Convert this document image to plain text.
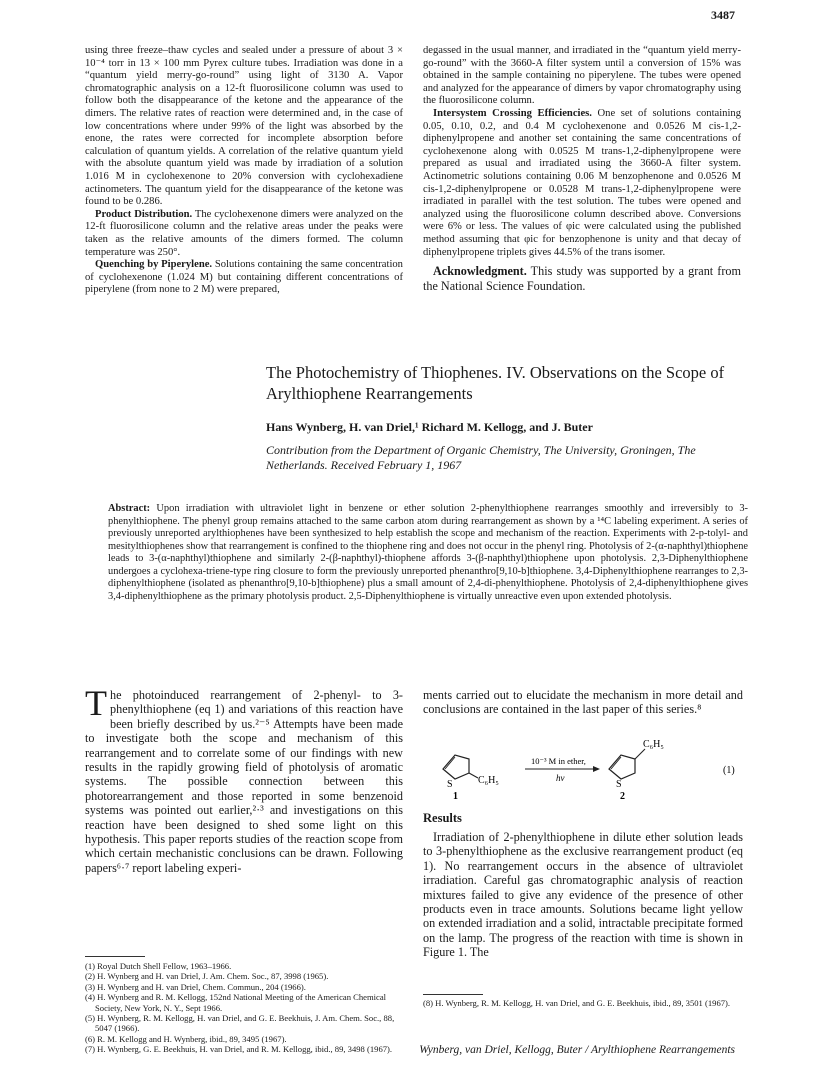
3487

using three freeze–thaw cycles and sealed under a pressure of about 3 × 10⁻⁴ torr in 13 × 100 mm Pyrex culture tubes. Irradiation was done in a “quantum yield merry-go-round” using light of 3130 A. Vapor chromatographic analysis on a 12-ft fluorosilicone column was used to follow both the disappearance of the ketone and the appearance of the dimers. The relative rates of reaction were determined and, in the case of low concentrations where under 99% of the light was absorbed by the enone, the rates were corrected for incomplete absorption before calculation of quantum yields. A correlation of the relative quantum yield with the absolute quantum yield was made by irradiation of a solution 1.016 M in cyclohexenone to 20% conversion with cyclohexadiene actinometers. The quantum yield for the disappearance of the ketone was found to be 0.286.

Product Distribution. The cyclohexenone dimers were analyzed on the 12-ft fluorosilicone column and the relative areas under the peaks were taken as the relative amounts of the dimers formed. The column temperature was 250°.

Quenching by Piperylene. Solutions containing the same concentration of cyclohexenone (1.024 M) but containing different concentrations of piperylene (from none to 2 M) were prepared,

degassed in the usual manner, and irradiated in the “quantum yield merry-go-round” with the 3660-A filter system until a conversion of 15% was obtained in the sample containing no piperylene. The tubes were opened and analyzed for the appearance of dimers by vapor chromatography using the fluorosilicone column.

Intersystem Crossing Efficiencies. One set of solutions containing 0.05, 0.10, 0.2, and 0.4 M cyclohexenone and 0.0526 M cis-1,2-diphenylpropene and another set containing the same concentrations of cyclohexenone along with 0.0525 M trans-1,2-diphenylpropene were prepared as usual and irradiated using the 3660-A filter system. Actinometric solutions containing 0.06 M benzophenone and 0.0526 M cis-1,2-diphenylpropene or 0.0528 M trans-1,2-diphenylpropene were irradiated in parallel with the test solution. The tubes were opened and analyzed using the fluorosilicone column described above. Conversions were 6% or less. The values of φic were calculated using the published method assuming that φic for benzophenone is unity and that decay of diphenylpropene triplets gives 44.5% of the trans isomer.

Acknowledgment. This study was supported by a grant from the National Science Foundation.

The Photochemistry of Thiophenes. IV. Observations on the Scope of Arylthiophene Rearrangements
Hans Wynberg, H. van Driel,¹ Richard M. Kellogg, and J. Buter
Contribution from the Department of Organic Chemistry, The University, Groningen, The Netherlands. Received February 1, 1967
Abstract: Upon irradiation with ultraviolet light in benzene or ether solution 2-phenylthiophene rearranges smoothly and irreversibly to 3-phenylthiophene. The phenyl group remains attached to the same carbon atom during rearrangement as shown by a ¹⁴C labeling experiment. A series of previously unreported arylthiophenes have been synthesized to help establish the scope and mechanism of the reaction. Experiments with 2-p-tolyl- and mesitylthiophenes show that rearrangement is confined to the thiophene ring and does not occur in the phenyl ring. Photolysis of 2-(α-naphthyl)thiophene leads to 3-(α-naphthyl)thiophene and similarly 2-(β-naphthyl)-thiophene affords 3-(β-naphthyl)thiophene upon photolysis. 2,3-Diphenylthiophene undergoes a cyclohexa-triene-type ring closure to form the previously unreported phenanthro[9,10-b]thiophene. 3,4-Diphenylthiophene rearranges to 2,3-diphenylthiophene (isolated as phenanthro[9,10-b]thiophene) plus a small amount of 2,4-di-phenylthiophene. Photolysis of 2,4-diphenylthiophene gives 3,4-diphenylthiophene as the primary photolysis product. 2,5-Diphenylthiophene is virtually unreactive even upon extended photolysis.

The photoinduced rearrangement of 2-phenyl- to 3-phenylthiophene (eq 1) and variations of this reaction have been briefly described by us.²⁻⁵ Attempts have been made to investigate both the scope and mechanism of this rearrangement and to correlate some of our findings with new results in the rapidly growing field of photolysis of aromatic systems. The possible connection between this photorearrangement and those reported in some benzenoid systems was pointed out earlier,²·³ and investigations on this reaction have been designed to shed some light on this hypothesis. This paper reports studies of the reaction scope from which certain mechanistic conclusions can be drawn. Following papers⁶·⁷ report labeling experi-

(1) Royal Dutch Shell Fellow, 1963–1966.

(2) H. Wynberg and H. van Driel, J. Am. Chem. Soc., 87, 3998 (1965).

(3) H. Wynberg and H. van Driel, Chem. Commun., 204 (1966).

(4) H. Wynberg and R. M. Kellogg, 152nd National Meeting of the American Chemical Society, New York, N. Y., Sept 1966.

(5) H. Wynberg, R. M. Kellogg, H. van Driel, and G. E. Beekhuis, J. Am. Chem. Soc., 88, 5047 (1966).

(6) R. M. Kellogg and H. Wynberg, ibid., 89, 3495 (1967).

(7) H. Wynberg, G. E. Beekhuis, H. van Driel, and R. M. Kellogg, ibid., 89, 3498 (1967).

ments carried out to elucidate the mechanism in more detail and conclusions are contained in the last paper of this series.⁸
S	C₆H₅
1
10⁻³ M in ether,
hν
C₆H₅
S
2
(1)
Results

Irradiation of 2-phenylthiophene in dilute ether solution leads to 3-phenylthiophene as the exclusive rearrangement product (eq 1). No rearrangement occurs in the absence of ultraviolet irradiation. Careful gas chromatographic analysis of reaction mixtures failed to give any evidence of the presence of other products even in trace amounts. Solutions became light yellow on extended irradiation and a solid, intractable precipitate formed on the lamp. The progress of the reaction with time is shown in Figure 1. The

(8) H. Wynberg, R. M. Kellogg, H. van Driel, and G. E. Beekhuis, ibid., 89, 3501 (1967).

Wynberg, van Driel, Kellogg, Buter / Arylthiophene Rearrangements
